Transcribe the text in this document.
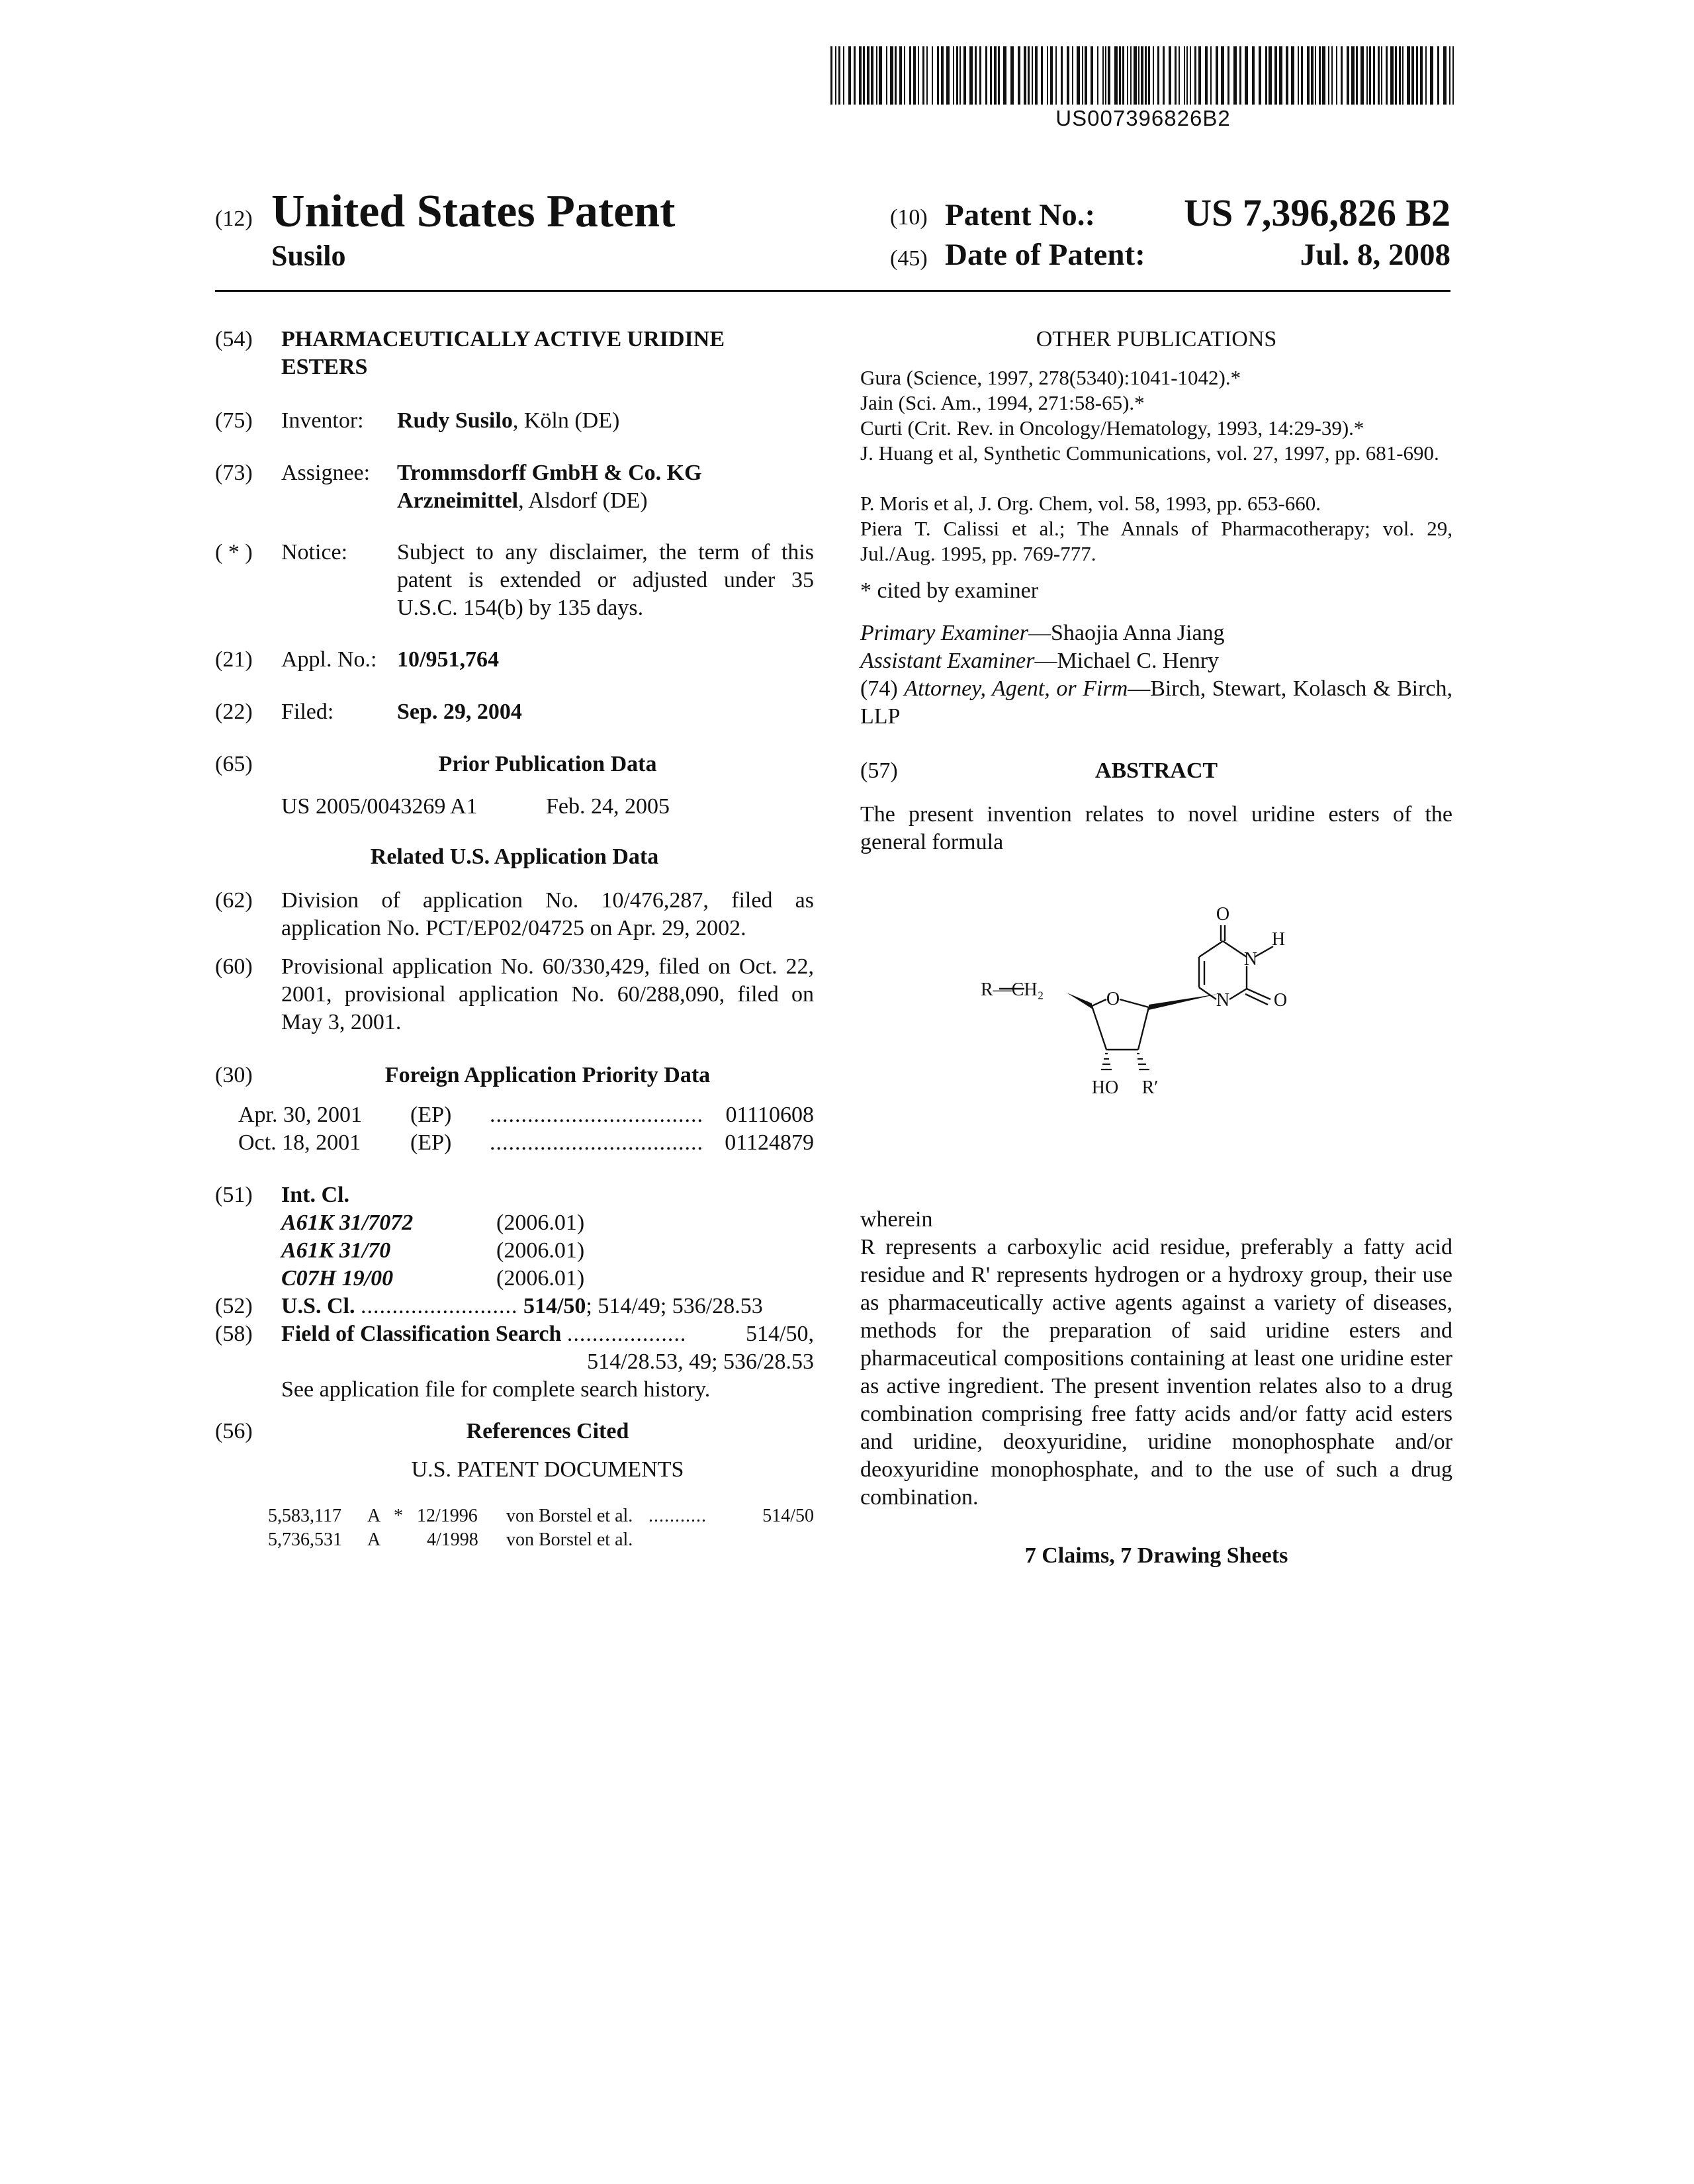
US007396826B2
(12) United States Patent
Susilo
(10) Patent No.: US 7,396,826 B2
(45) Date of Patent:	Jul. 8, 2008
(54)	PHARMACEUTICALLY ACTIVE URIDINE ESTERS
(75)	Inventor: Rudy Susilo, Köln (DE)
(73)	Assignee: Trommsdorff GmbH & Co. KG Arzneimittel, Alsdorf (DE)
( * )	Notice: Subject to any disclaimer, the term of this patent is extended or adjusted under 35 U.S.C. 154(b) by 135 days.
(21)	Appl. No.: 10/951,764
(22)	Filed:	Sep. 29, 2004
(65)	Prior Publication Data
US 2005/0043269 A1	Feb. 24, 2005
Related U.S. Application Data
(62)	Division of application No. 10/476,287, filed as application No. PCT/EP02/04725 on Apr. 29, 2002.
(60)	Provisional application No. 60/330,429, filed on Oct. 22, 2001, provisional application No. 60/288,090, filed on May 3, 2001.
(30)	Foreign Application Priority Data
Apr. 30, 2001 (EP) .................................. 01110608
Oct. 18, 2001 (EP) .................................. 01124879
(51)	Int. Cl.
A61K 31/7072	(2006.01)
A61K 31/70	(2006.01)
C07H 19/00	(2006.01)
(52)	U.S. Cl. ......................... 514/50; 514/49; 536/28.53
(58)	Field of Classification Search ...................	514/50,
514/28.53, 49; 536/28.53
See application file for complete search history.
(56)	References Cited
U.S. PATENT DOCUMENTS
5,583,117 A * 12/1996 von Borstel et al. ...........	514/50
5,736,531 A 4/1998 von Borstel et al.
OTHER PUBLICATIONS
Gura (Science, 1997, 278(5340):1041-1042).*
Jain (Sci. Am., 1994, 271:58-65).*
Curti (Crit. Rev. in Oncology/Hematology, 1993, 14:29-39).*
J. Huang et al, Synthetic Communications, vol. 27, 1997, pp. 681-690.
P. Moris et al, J. Org. Chem, vol. 58, 1993, pp. 653-660.
Piera T. Calissi et al.; The Annals of Pharmacotherapy; vol. 29, Jul./Aug. 1995, pp. 769-777.
* cited by examiner
Primary Examiner—Shaojia Anna Jiang
Assistant Examiner—Michael C. Henry
(74) Attorney, Agent, or Firm—Birch, Stewart, Kolasch & Birch, LLP
(57)	ABSTRACT
The present invention relates to novel uridine esters of the general formula
O
N
H
N O
O
R—CH₂
HO R′
wherein
R represents a carboxylic acid residue, preferably a fatty acid residue and R' represents hydrogen or a hydroxy group, their use as pharmaceutically active agents against a variety of diseases, methods for the preparation of said uridine esters and pharmaceutical compositions containing at least one uridine ester as active ingredient. The present invention relates also to a drug combination comprising free fatty acids and/or fatty acid esters and uridine, deoxyuridine, uridine monophosphate and/or deoxyuridine monophosphate, and to the use of such a drug combination.
7 Claims, 7 Drawing Sheets
